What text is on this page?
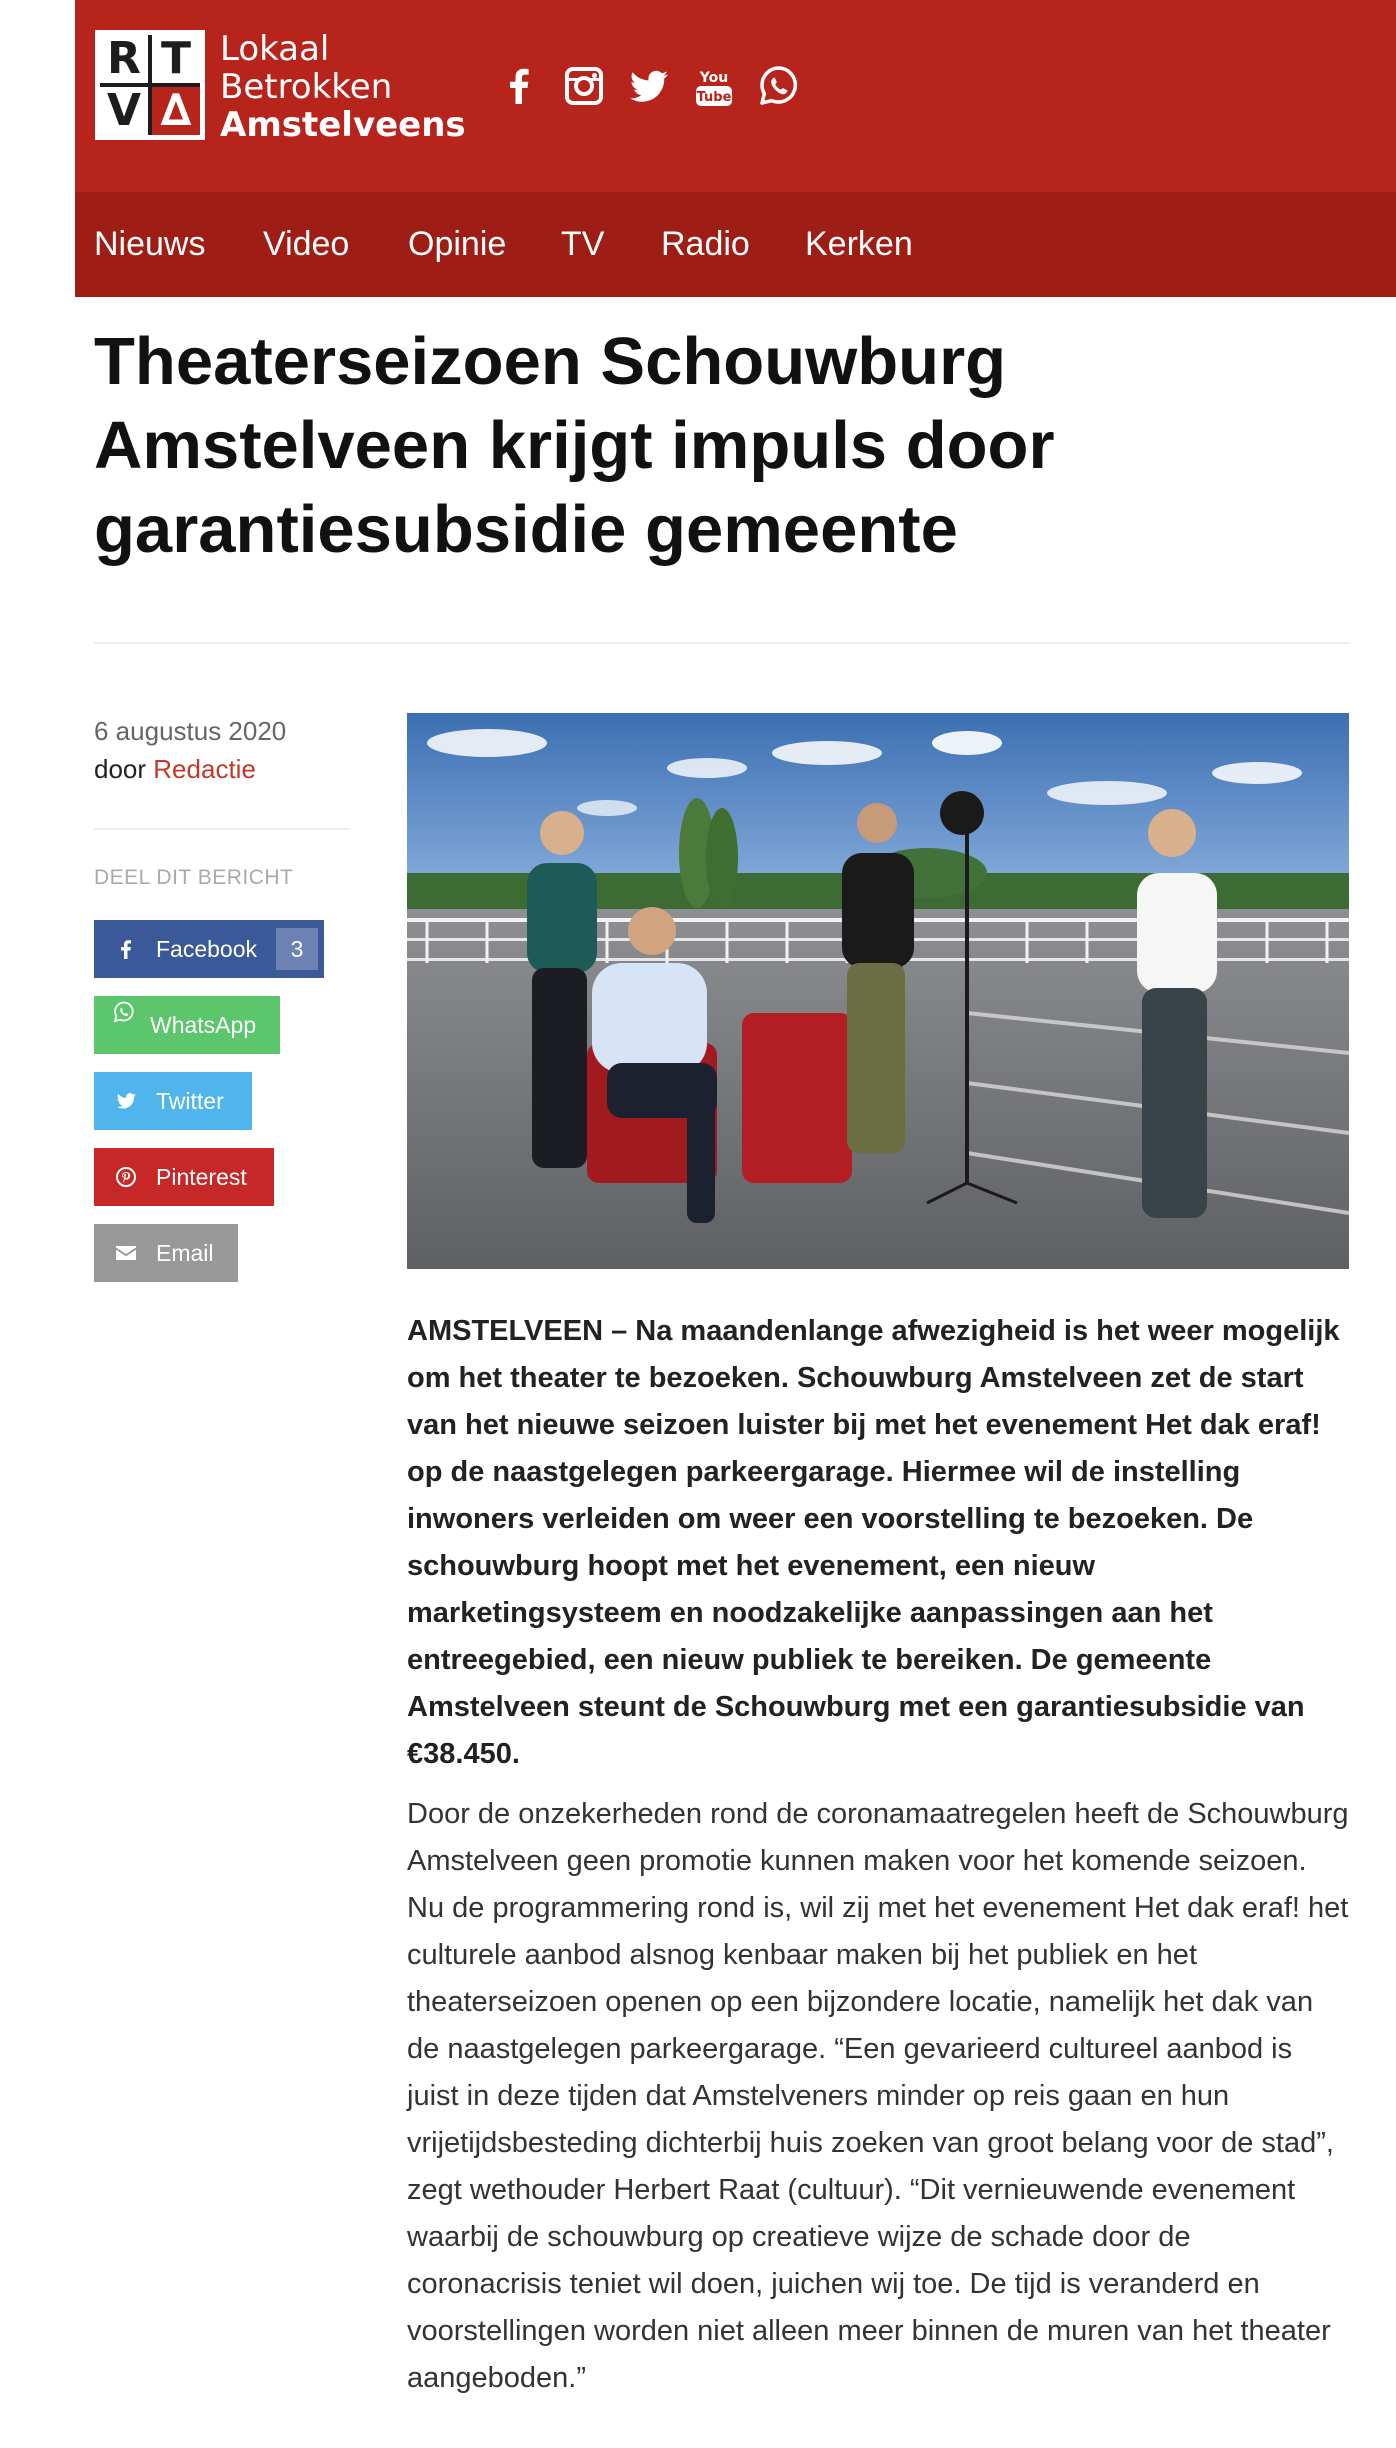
R T
V ∆
Lokaal
Betrokken
Amstelveens
You
Tube
Nieuws Video Opinie TV Radio Kerken
Theaterseizoen Schouwburg Amstelveen krijgt impuls door garantiesubsidie gemeente
6 augustus 2020
door Redactie
DEEL DIT BERICHT
Facebook	3
WhatsApp
Twitter
Pinterest
Email

AMSTELVEEN – Na maandenlange afwezigheid is het weer mogelijk om het theater te bezoeken. Schouwburg Amstelveen zet de start van het nieuwe seizoen luister bij met het evenement Het dak eraf! op de naastgelegen parkeergarage. Hiermee wil de instelling inwoners verleiden om weer een voorstelling te bezoeken. De schouwburg hoopt met het evenement, een nieuw marketingsysteem en noodzakelijke aanpassingen aan het entreegebied, een nieuw publiek te bereiken. De gemeente Amstelveen steunt de Schouwburg met een garantiesubsidie van €38.450.

Door de onzekerheden rond de coronamaatregelen heeft de Schouwburg Amstelveen geen promotie kunnen maken voor het komende seizoen. Nu de programmering rond is, wil zij met het evenement Het dak eraf! het culturele aanbod alsnog kenbaar maken bij het publiek en het theaterseizoen openen op een bijzondere locatie, namelijk het dak van de naastgelegen parkeergarage. “Een gevarieerd cultureel aanbod is juist in deze tijden dat Amstelveners minder op reis gaan en hun vrijetijdsbesteding dichterbij huis zoeken van groot belang voor de stad”, zegt wethouder Herbert Raat (cultuur). “Dit vernieuwende evenement waarbij de schouwburg op creatieve wijze de schade door de coronacrisis teniet wil doen, juichen wij toe. De tijd is veranderd en voorstellingen worden niet alleen meer binnen de muren van het theater aangeboden.”
